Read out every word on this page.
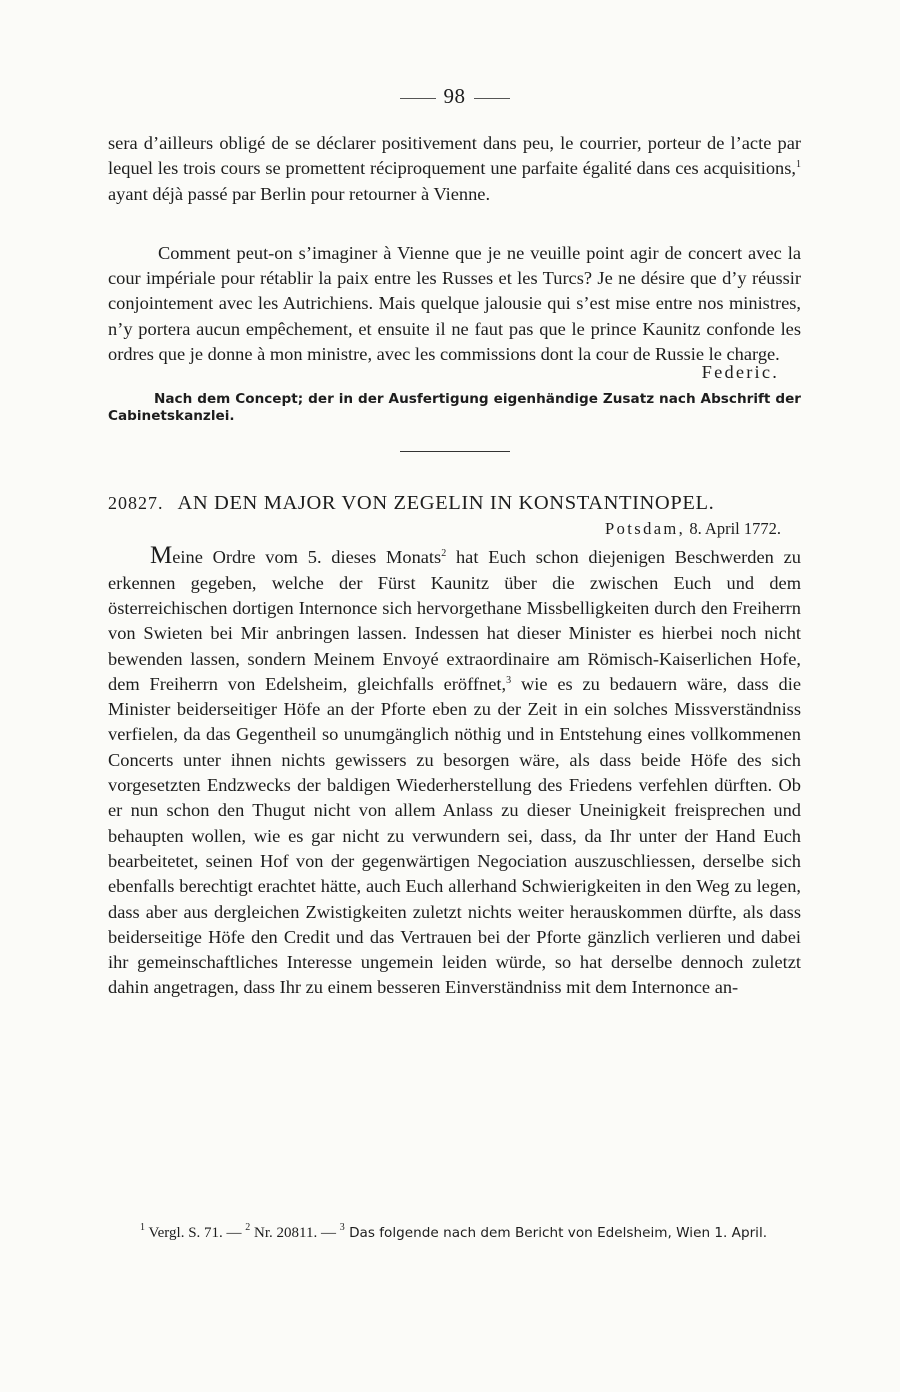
98

sera d’ailleurs obligé de se déclarer positivement dans peu, le courrier, porteur de l’acte par lequel les trois cours se promettent réciproquement une parfaite égalité dans ces acquisitions,$^1$ ayant déjà passé par Berlin pour retourner à Vienne.

Comment peut-on s’imaginer à Vienne que je ne veuille point agir de concert avec la cour impériale pour rétablir la paix entre les Russes et les Turcs? Je ne désire que d’y réussir conjointement avec les Autrichiens. Mais quelque jalousie qui s’est mise entre nos ministres, n’y portera aucun empêchement, et ensuite il ne faut pas que le prince Kaunitz confonde les ordres que je donne à mon ministre, avec les commissions dont la cour de Russie le charge.

Federic.

Nach dem Concept; der in der Ausfertigung eigenhändige Zusatz nach Abschrift der Cabinetskanzlei.

20827. AN DEN MAJOR VON ZEGELIN IN KONSTANTINOPEL.
Potsdam, 8. April 1772.

Meine Ordre vom 5. dieses Monats$^2$ hat Euch schon diejenigen Beschwerden zu erkennen gegeben, welche der Fürst Kaunitz über die zwischen Euch und dem österreichischen dortigen Internonce sich hervorgethane Missbelligkeiten durch den Freiherrn von Swieten bei Mir anbringen lassen. Indessen hat dieser Minister es hierbei noch nicht bewenden lassen, sondern Meinem Envoyé extraordinaire am Römisch-Kaiserlichen Hofe, dem Freiherrn von Edelsheim, gleichfalls eröffnet,$^3$ wie es zu bedauern wäre, dass die Minister beiderseitiger Höfe an der Pforte eben zu der Zeit in ein solches Missverständniss verfielen, da das Gegentheil so unumgänglich nöthig und in Entstehung eines vollkommenen Concerts unter ihnen nichts gewissers zu besorgen wäre, als dass beide Höfe des sich vorgesetzten Endzwecks der baldigen Wiederherstellung des Friedens verfehlen dürften. Ob er nun schon den Thugut nicht von allem Anlass zu dieser Uneinigkeit freisprechen und behaupten wollen, wie es gar nicht zu verwundern sei, dass, da Ihr unter der Hand Euch bearbeitetet, seinen Hof von der gegenwärtigen Negociation auszuschliessen, derselbe sich ebenfalls berechtigt erachtet hätte, auch Euch allerhand Schwierigkeiten in den Weg zu legen, dass aber aus dergleichen Zwistigkeiten zuletzt nichts weiter herauskommen dürfte, als dass beiderseitige Höfe den Credit und das Vertrauen bei der Pforte gänzlich verlieren und dabei ihr gemeinschaftliches Interesse ungemein leiden würde, so hat derselbe dennoch zuletzt dahin angetragen, dass Ihr zu einem besseren Einverständniss mit dem Internonce an-

$^1$ Vergl. S. 71. — $^2$ Nr. 20811. — $^3$ Das folgende nach dem Bericht von Edelsheim, Wien 1. April.
